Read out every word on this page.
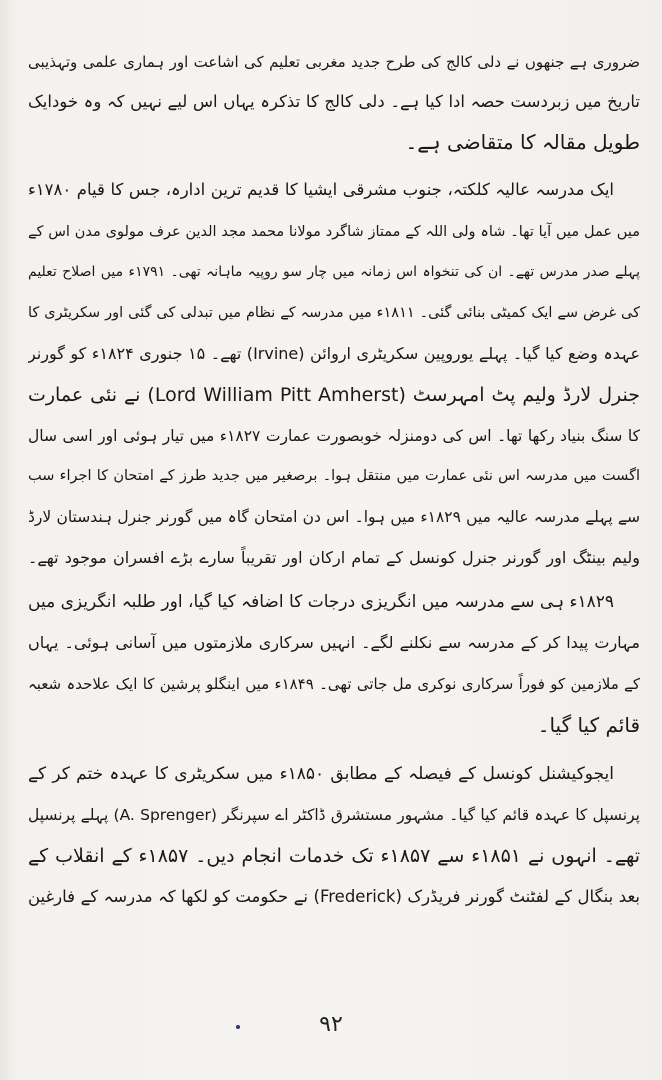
ضروری ہے جنھوں نے دلی کالج کی طرح جدید مغربی تعلیم کی اشاعت اور ہماری علمی وتہذیبی
تاریخ میں زبردست حصہ ادا کیا ہے۔ دلی کالج کا تذکرہ یہاں اس لیے نہیں کہ وہ خودایک
طویل مقالہ کا متقاضی ہے۔
ایک مدرسہ عالیہ کلکتہ، جنوب مشرقی ایشیا کا قدیم ترین ادارہ، جس کا قیام ۱۷۸۰ء
میں عمل میں آیا تھا۔ شاہ ولی اللہ کے ممتاز شاگرد مولانا محمد مجد الدین عرف مولوی مدن اس کے
پہلے صدر مدرس تھے۔ ان کی تنخواہ اس زمانہ میں چار سو روپیہ ماہانہ تھی۔ ۱۷۹۱ء میں اصلاح تعلیم
کی غرض سے ایک کمیٹی بنائی گئی۔ ۱۸۱۱ء میں مدرسہ کے نظام میں تبدلی کی گئی اور سکریٹری کا
عہدہ وضع کیا گیا۔ پہلے یوروپین سکریٹری اروائن (Irvine) تھے۔ ۱۵ جنوری ۱۸۲۴ء کو گورنر
جنرل لارڈ ولیم پٹ امہرسٹ (Lord William Pitt Amherst) نے نئی عمارت
کا سنگ بنیاد رکھا تھا۔ اس کی دومنزلہ خوبصورت عمارت ۱۸۲۷ء میں تیار ہوئی اور اسی سال
اگست میں مدرسہ اس نئی عمارت میں منتقل ہوا۔ برصغیر میں جدید طرز کے امتحان کا اجراء سب
سے پہلے مدرسہ عالیہ میں ۱۸۲۹ء میں ہوا۔ اس دن امتحان گاہ میں گورنر جنرل ہندستان لارڈ
ولیم بینٹگ اور گورنر جنرل کونسل کے تمام ارکان اور تقریباً سارے بڑے افسران موجود تھے۔
۱۸۲۹ء ہی سے مدرسہ میں انگریزی درجات کا اضافہ کیا گیا، اور طلبہ انگریزی میں
مہارت پیدا کر کے مدرسہ سے نکلنے لگے۔ انہیں سرکاری ملازمتوں میں آسانی ہوئی۔ یہاں
کے ملازمین کو فوراً سرکاری نوکری مل جاتی تھی۔ ۱۸۴۹ء میں اینگلو پرشین کا ایک علاحدہ شعبہ
قائم کیا گیا۔
ایجوکیشنل کونسل کے فیصلہ کے مطابق ۱۸۵۰ء میں سکریٹری کا عہدہ ختم کر کے
پرنسپل کا عہدہ قائم کیا گیا۔ مشہور مستشرق ڈاکٹر اے سپرنگر (A. Sprenger) پہلے پرنسپل
تھے۔ انہوں نے ۱۸۵۱ء سے ۱۸۵۷ء تک خدمات انجام دیں۔ ۱۸۵۷ء کے انقلاب کے
بعد بنگال کے لفٹنٹ گورنر فریڈرک (Frederick) نے حکومت کو لکھا کہ مدرسہ کے فارغین
۹۲
